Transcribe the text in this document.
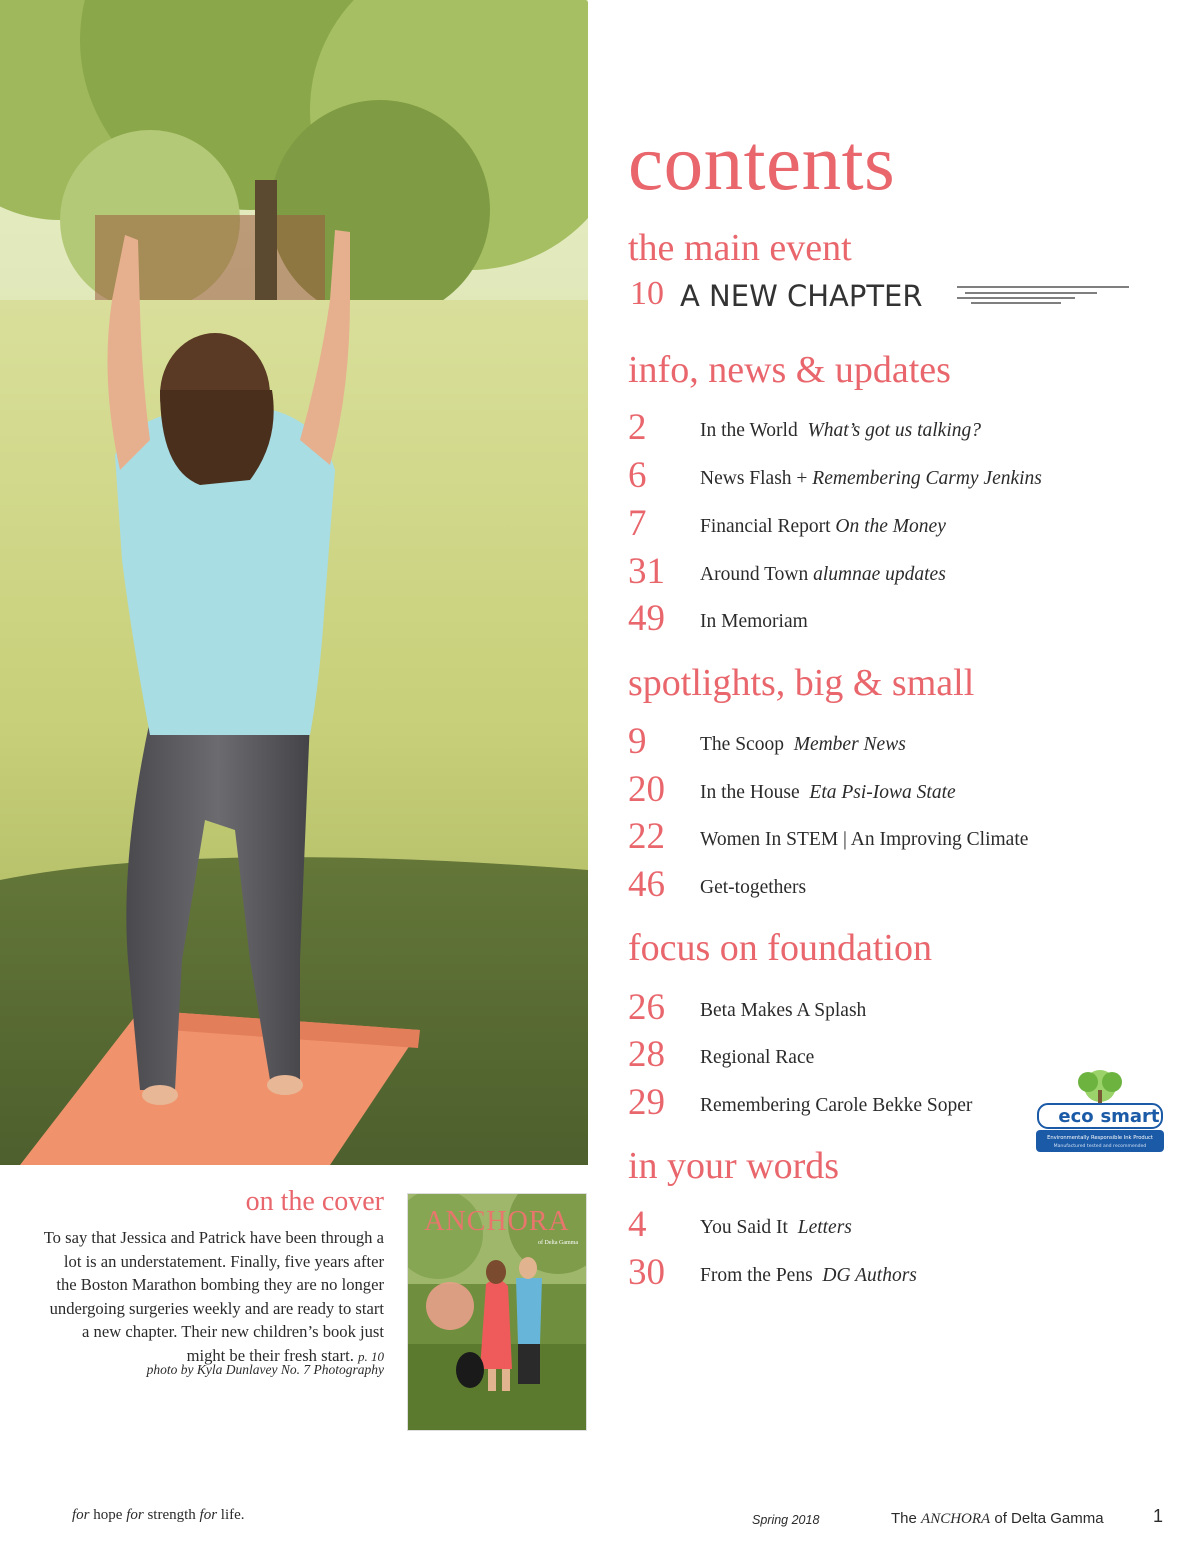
contents
the main event
10 A NEW CHAPTER
info, news & updates
2	In the World What’s got us talking?
6	News Flash + Remembering Carmy Jenkins
7	Financial Report On the Money
31 Around Town alumnae updates
49 In Memoriam
spotlights, big & small
9	The Scoop Member News
20 In the House Eta Psi-Iowa State
22 Women In STEM | An Improving Climate
46 Get-togethers
focus on foundation
26 Beta Makes A Splash
28 Regional Race
29 Remembering Carole Bekke Soper
in your words
4	You Said It Letters
30 From the Pens DG Authors
on the cover
To say that Jessica and Patrick have been through a lot is an understatement. Finally, five years after the Boston Marathon bombing they are no longer undergoing surgeries weekly and are ready to start a new chapter. Their new children’s book just might be their fresh start. p. 10
photo by Kyla Dunlavey No. 7 Photography
ANCHORA
of Delta Gamma
eco smart
Environmentally Responsible Ink Product
Manufactured tested and recommended
for hope for strength for life.	Spring 2018	The ANCHORA of Delta Gamma	1
